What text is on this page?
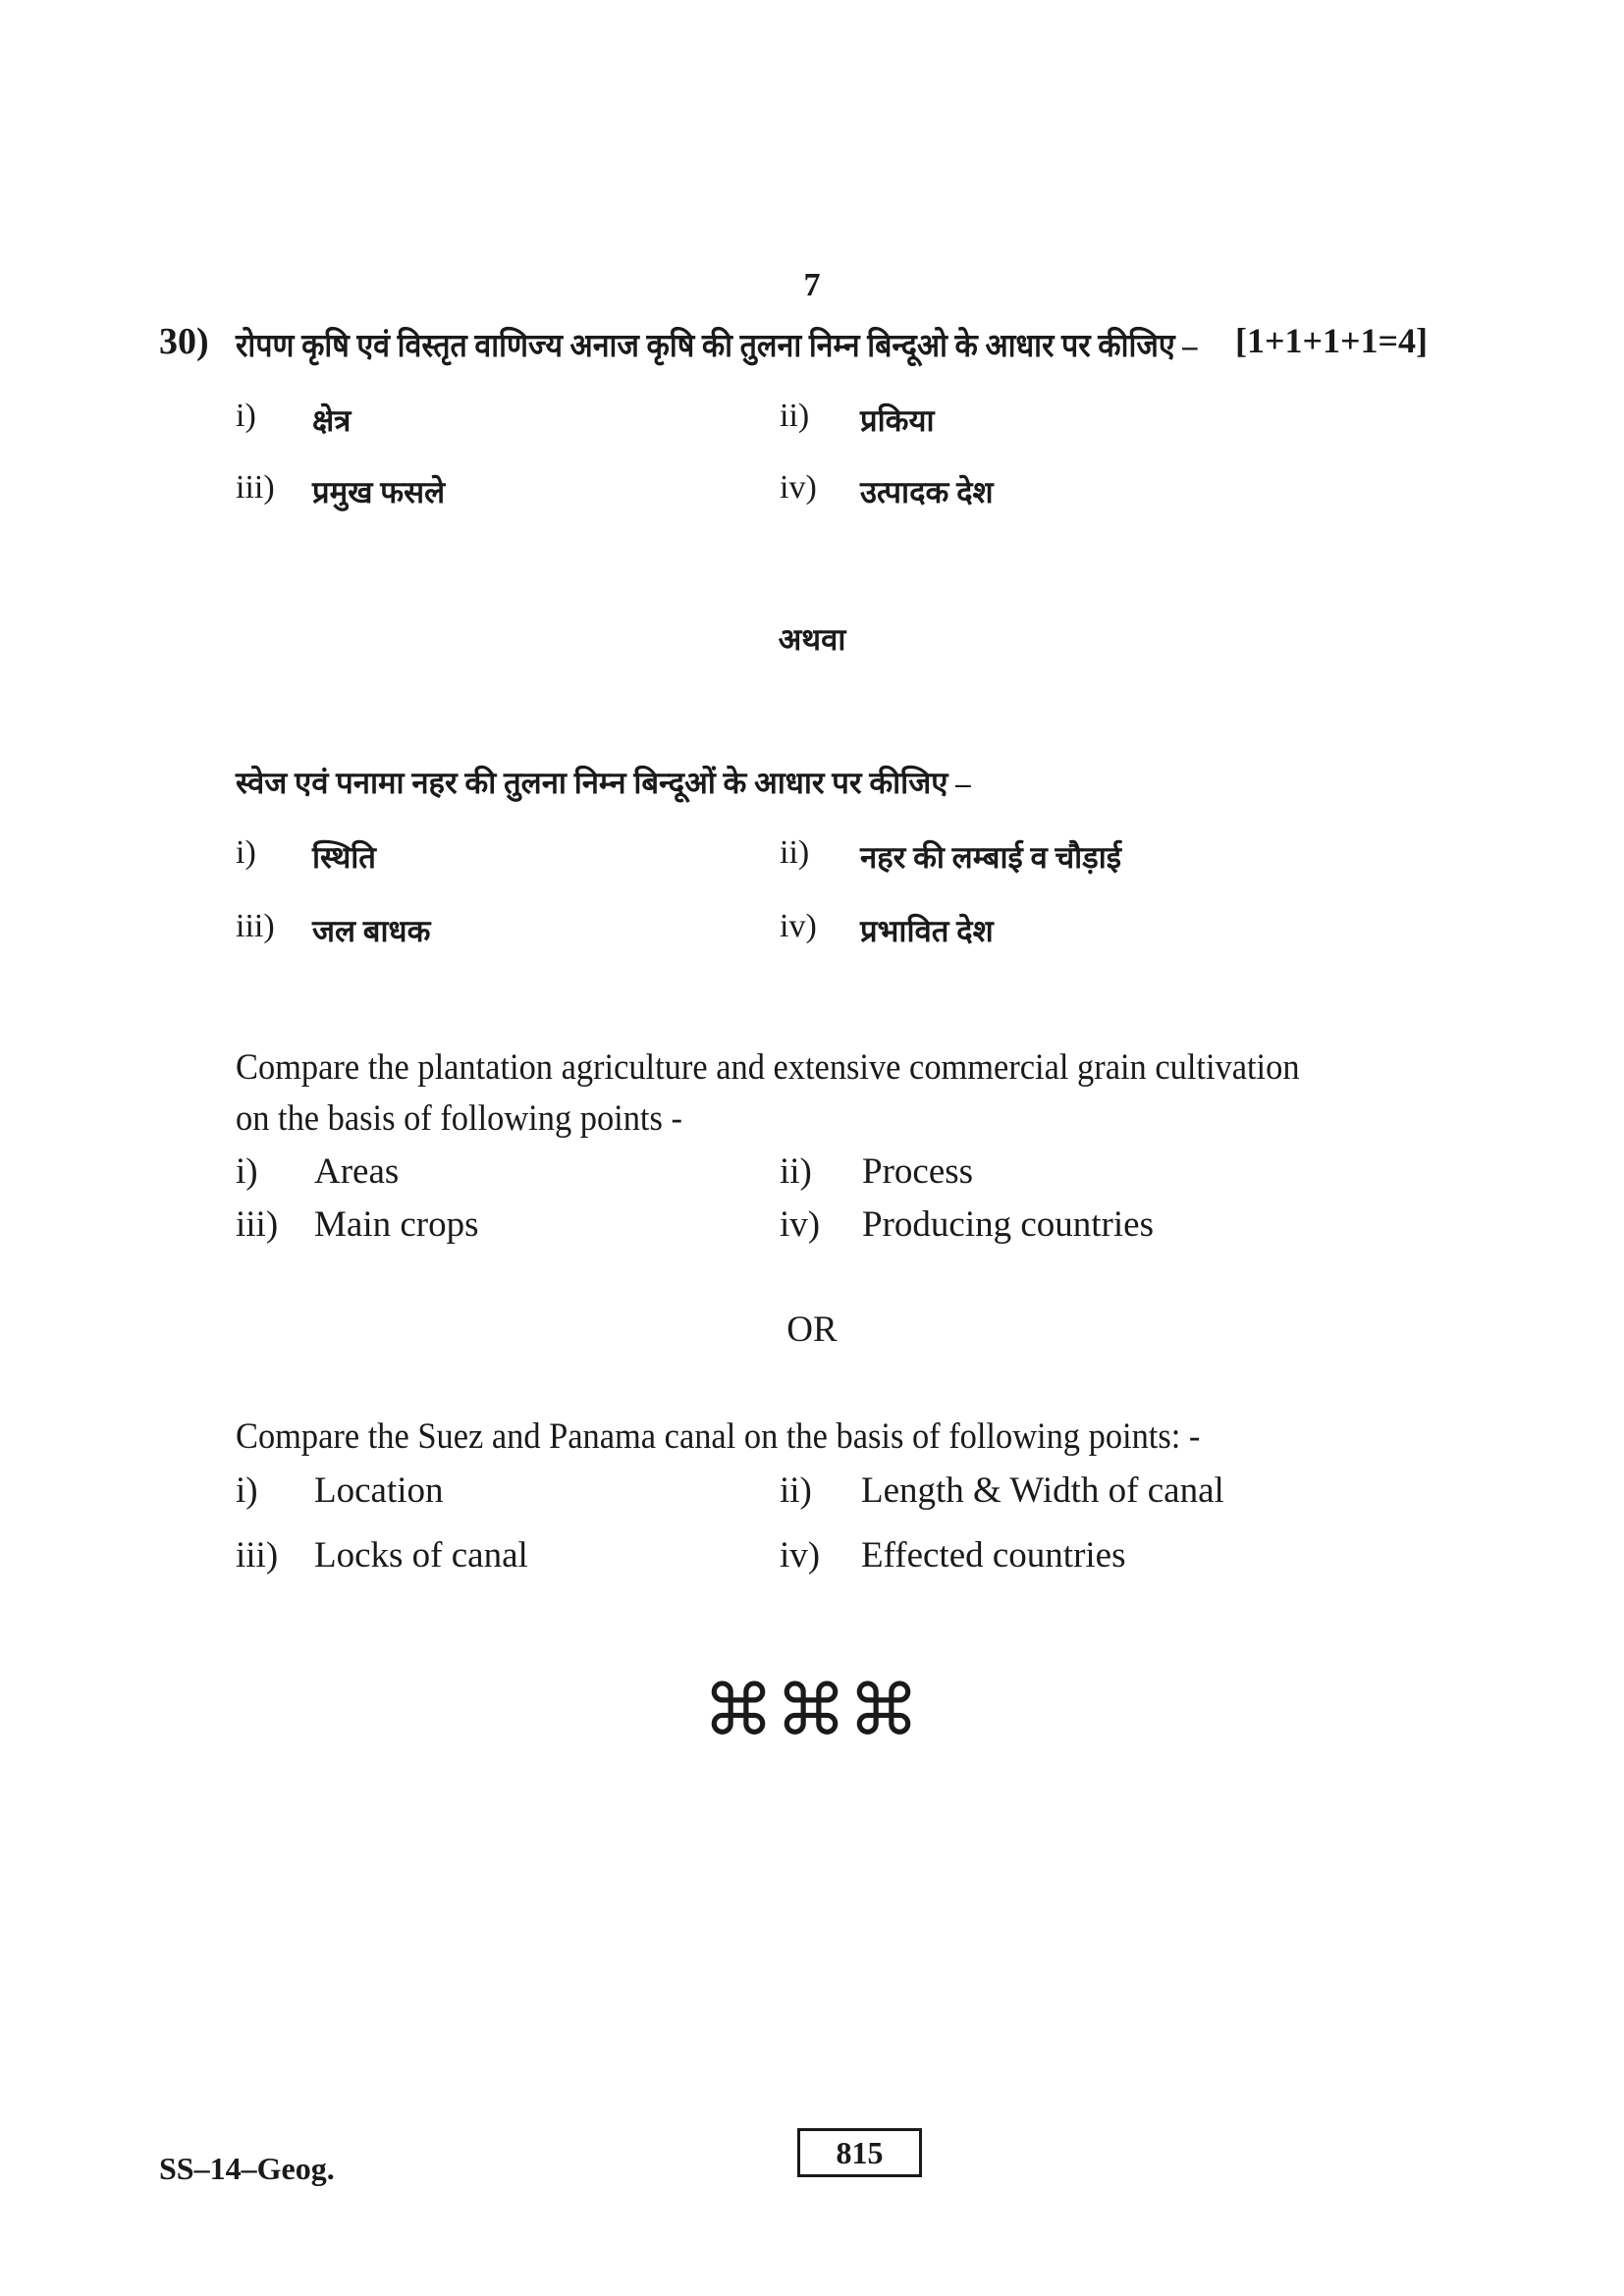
7
30) रोपण कृषि एवं विस्तृत वाणिज्य अनाज कृषि की तुलना निम्न बिन्दूओ के आधार पर कीजिए – [1+1+1+1=4]
i) क्षेत्र	ii) प्रकिया
iii) प्रमुख फसले	iv) उत्पादक देश
अथवा
स्वेज एवं पनामा नहर की तुलना निम्न बिन्दूओं के आधार पर कीजिए –
i) स्थिति	ii) नहर की लम्बाई व चौड़ाई
iii) जल बाधक	iv) प्रभावित देश
Compare the plantation agriculture and extensive commercial grain cultivation
on the basis of following points -
i) Areas	ii) Process
iii) Main crops	iv) Producing countries
OR
Compare the Suez and Panama canal on the basis of following points: -
i) Location	ii) Length & Width of canal
iii) Locks of canal	iv) Effected countries
⌘⌘⌘
SS–14–Geog.	815
